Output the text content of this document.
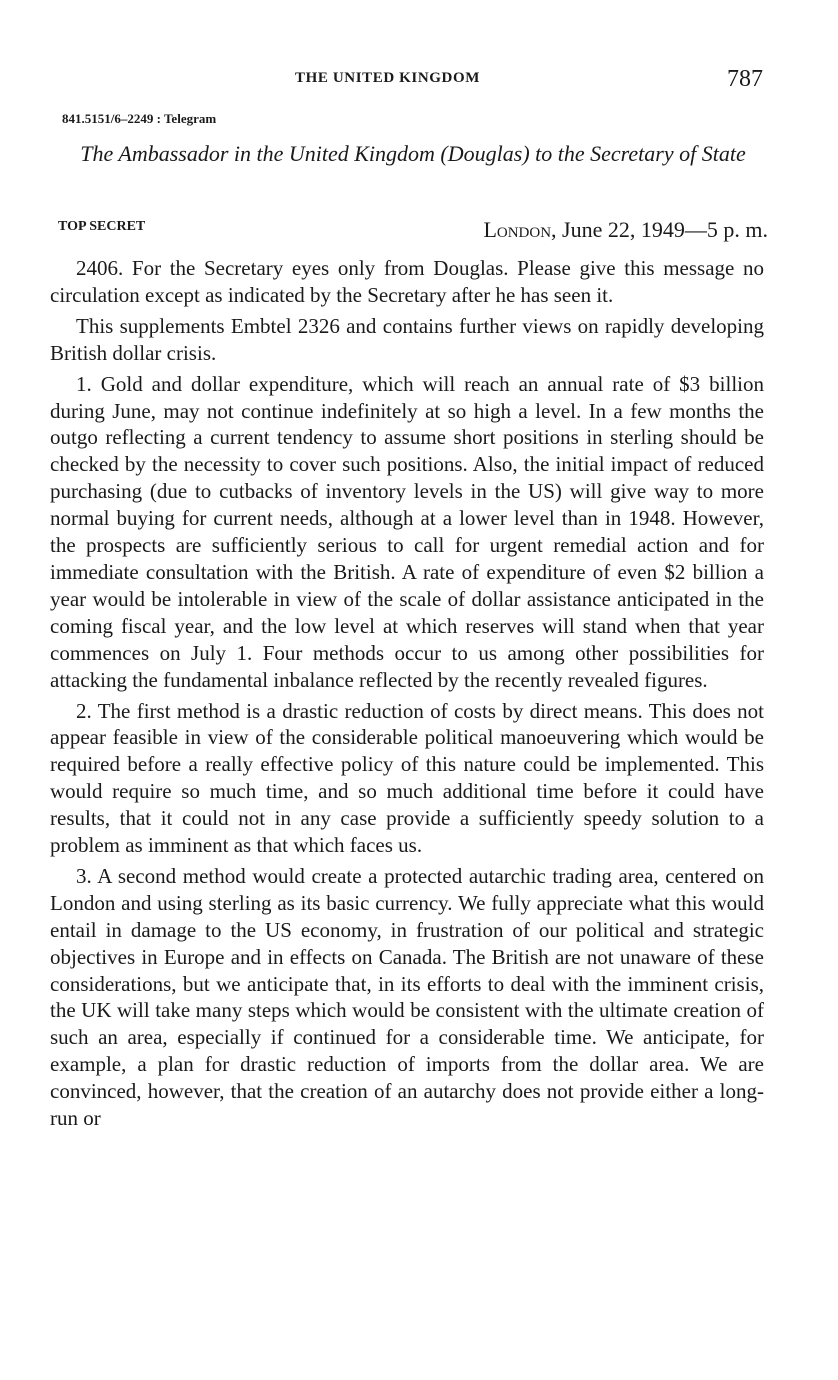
THE UNITED KINGDOM	787

841.5151/6–2249 : Telegram

The Ambassador in the United Kingdom (Douglas) to the Secretary of State

TOP SECRET	London, June 22, 1949—5 p. m.

2406. For the Secretary eyes only from Douglas. Please give this message no circulation except as indicated by the Secretary after he has seen it.

This supplements Embtel 2326 and contains further views on rapidly developing British dollar crisis.

1. Gold and dollar expenditure, which will reach an annual rate of $3 billion during June, may not continue indefinitely at so high a level. In a few months the outgo reflecting a current tendency to assume short positions in sterling should be checked by the necessity to cover such positions. Also, the initial impact of reduced purchasing (due to cutbacks of inventory levels in the US) will give way to more normal buying for current needs, although at a lower level than in 1948. However, the prospects are sufficiently serious to call for urgent remedial action and for immediate consultation with the British. A rate of expenditure of even $2 billion a year would be intolerable in view of the scale of dollar assistance anticipated in the coming fiscal year, and the low level at which reserves will stand when that year commences on July 1. Four methods occur to us among other possibilities for attacking the fundamental inbalance reflected by the recently revealed figures.

2. The first method is a drastic reduction of costs by direct means. This does not appear feasible in view of the considerable political manoeuvering which would be required before a really effective policy of this nature could be implemented. This would require so much time, and so much additional time before it could have results, that it could not in any case provide a sufficiently speedy solution to a problem as imminent as that which faces us.

3. A second method would create a protected autarchic trading area, centered on London and using sterling as its basic currency. We fully appreciate what this would entail in damage to the US economy, in frustration of our political and strategic objectives in Europe and in effects on Canada. The British are not unaware of these considerations, but we anticipate that, in its efforts to deal with the imminent crisis, the UK will take many steps which would be consistent with the ultimate creation of such an area, especially if continued for a considerable time. We anticipate, for example, a plan for drastic reduction of imports from the dollar area. We are convinced, however, that the creation of an autarchy does not provide either a long-run or
